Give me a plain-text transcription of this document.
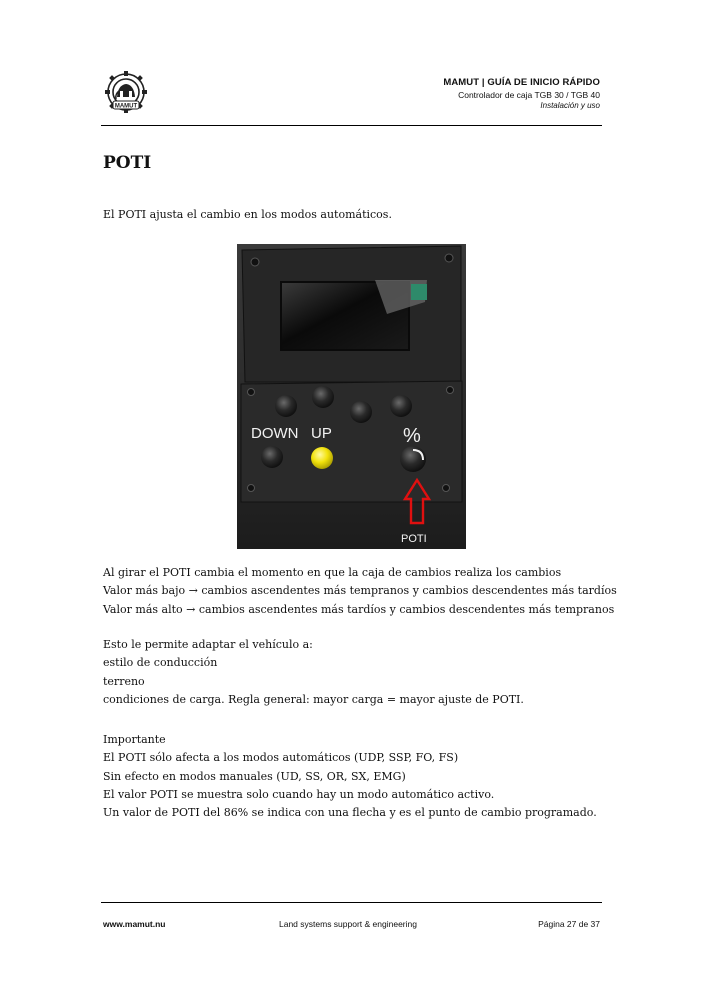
MAMUT
MAMUT | GUÍA DE INICIO RÁPIDO
Controlador de caja TGB 30 / TGB 40
Instalación y uso
POTI

El POTI ajusta el cambio en los modos automáticos.

DOWN UP	%
POTI

Al girar el POTI cambia el momento en que la caja de cambios realiza los cambios

Valor más bajo → cambios ascendentes más tempranos y cambios descendentes más tardíos

Valor más alto → cambios ascendentes más tardíos y cambios descendentes más tempranos

Esto le permite adaptar el vehículo a:

estilo de conducción

terreno

condiciones de carga. Regla general: mayor carga = mayor ajuste de POTI.

Importante

El POTI sólo afecta a los modos automáticos (UDP, SSP, FO, FS)

Sin efecto en modos manuales (UD, SS, OR, SX, EMG)

El valor POTI se muestra solo cuando hay un modo automático activo.

Un valor de POTI del 86% se indica con una flecha y es el punto de cambio programado.

www.mamut.nu	Land systems support & engineering	Página 27 de 37
